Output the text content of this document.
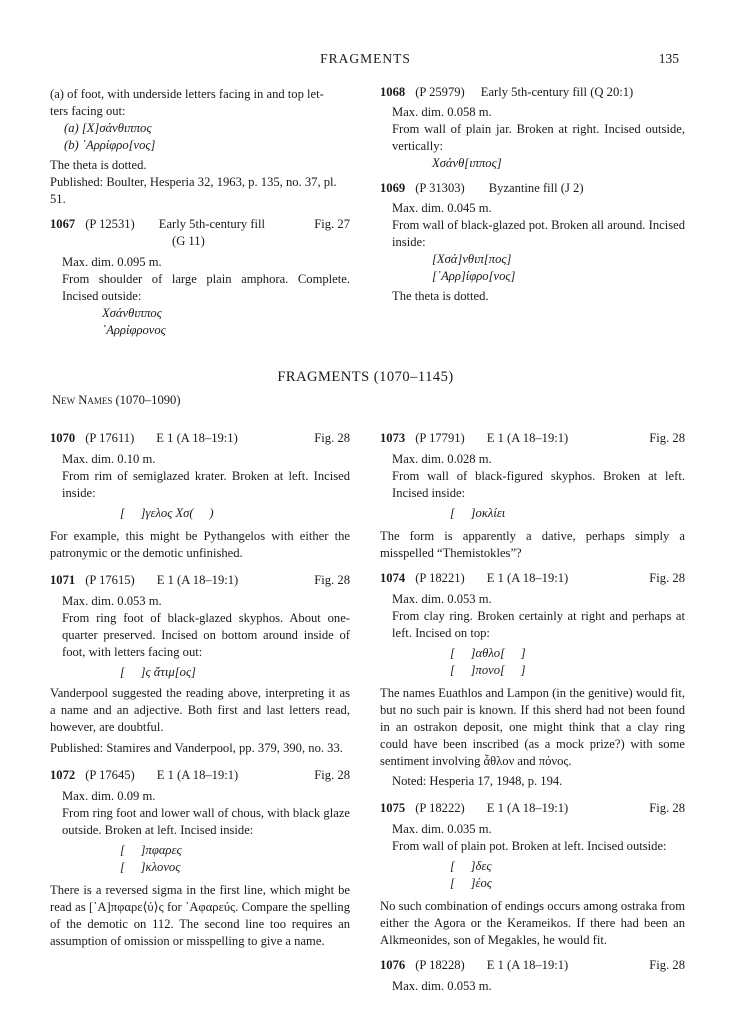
FRAGMENTS	135

(a) of foot, with underside letters facing in and top let-

ters facing out:

(a) [X]σάνθιππος

(b) ᾿Αρρίφρο[νος]

The theta is dotted.

Published: Boulter, Hesperia 32, 1963, p. 135, no. 37, pl. 51.

1067 (P 12531) Early 5th-century fill	Fig. 27

(G 11)

Max. dim. 0.095 m.

From shoulder of large plain amphora. Complete. Incised outside:

Χσάνθιππος

᾿Αρρίφρονος

1068 (P 25979) Early 5th-century fill (Q 20:1)

Max. dim. 0.058 m.

From wall of plain jar. Broken at right. Incised outside, vertically:

Χσάνθ[ιππος]

1069 (P 31303) Byzantine fill (J 2)

Max. dim. 0.045 m.

From wall of black-glazed pot. Broken all around. Incised inside:

[Χσά]νθιπ[πος]

[᾿Αρρ]ίφρο[νος]

The theta is dotted.

FRAGMENTS (1070–1145)
New Names (1070–1090)
1070 (P 17611) E 1 (A 18–19:1)	Fig. 28

Max. dim. 0.10 m.

From rim of semiglazed krater. Broken at left. Incised inside:

[     ]γελος Χσ(     )

For example, this might be Pythangelos with either the patronymic or the demotic unfinished.

1071 (P 17615) E 1 (A 18–19:1)	Fig. 28

Max. dim. 0.053 m.

From ring foot of black-glazed skyphos. About one-quarter preserved. Incised on bottom around inside of foot, with letters facing out:

[     ]ς ἄτιμ[ος]

Vanderpool suggested the reading above, interpreting it as a name and an adjective. Both first and last letters read, however, are doubtful.

Published: Stamires and Vanderpool, pp. 379, 390, no. 33.

1072 (P 17645) E 1 (A 18–19:1)	Fig. 28

Max. dim. 0.09 m.

From ring foot and lower wall of chous, with black glaze outside. Broken at left. Incised inside:

[     ]πφαρες

[     ]κλονος

There is a reversed sigma in the first line, which might be read as [᾿Α]πφαρε⟨ύ⟩ς for ᾿Αφαρεύς. Compare the spelling of the demotic on 112. The second line too requires an assumption of omission or misspelling to give a name.

1073 (P 17791) E 1 (A 18–19:1)	Fig. 28

Max. dim. 0.028 m.

From wall of black-figured skyphos. Broken at left. Incised inside:

[     ]οκλίει

The form is apparently a dative, perhaps simply a misspelled “Themistokles”?

1074 (P 18221) E 1 (A 18–19:1)	Fig. 28

Max. dim. 0.053 m.

From clay ring. Broken certainly at right and perhaps at left. Incised on top:

[     ]αθλο[     ]

[     ]πονο[     ]

The names Euathlos and Lampon (in the genitive) would fit, but no such pair is known. If this sherd had not been found in an ostrakon deposit, one might think that a clay ring could have been inscribed (as a mock prize?) with some sentiment involving ἆθλον and πόνος.

Noted: Hesperia 17, 1948, p. 194.

1075 (P 18222) E 1 (A 18–19:1)	Fig. 28

Max. dim. 0.035 m.

From wall of plain pot. Broken at left. Incised outside:

[     ]δες

[     ]έος

No such combination of endings occurs among ostraka from either the Agora or the Kerameikos. If there had been an Alkmeonides, son of Megakles, he would fit.

1076 (P 18228) E 1 (A 18–19:1)	Fig. 28

Max. dim. 0.053 m.
